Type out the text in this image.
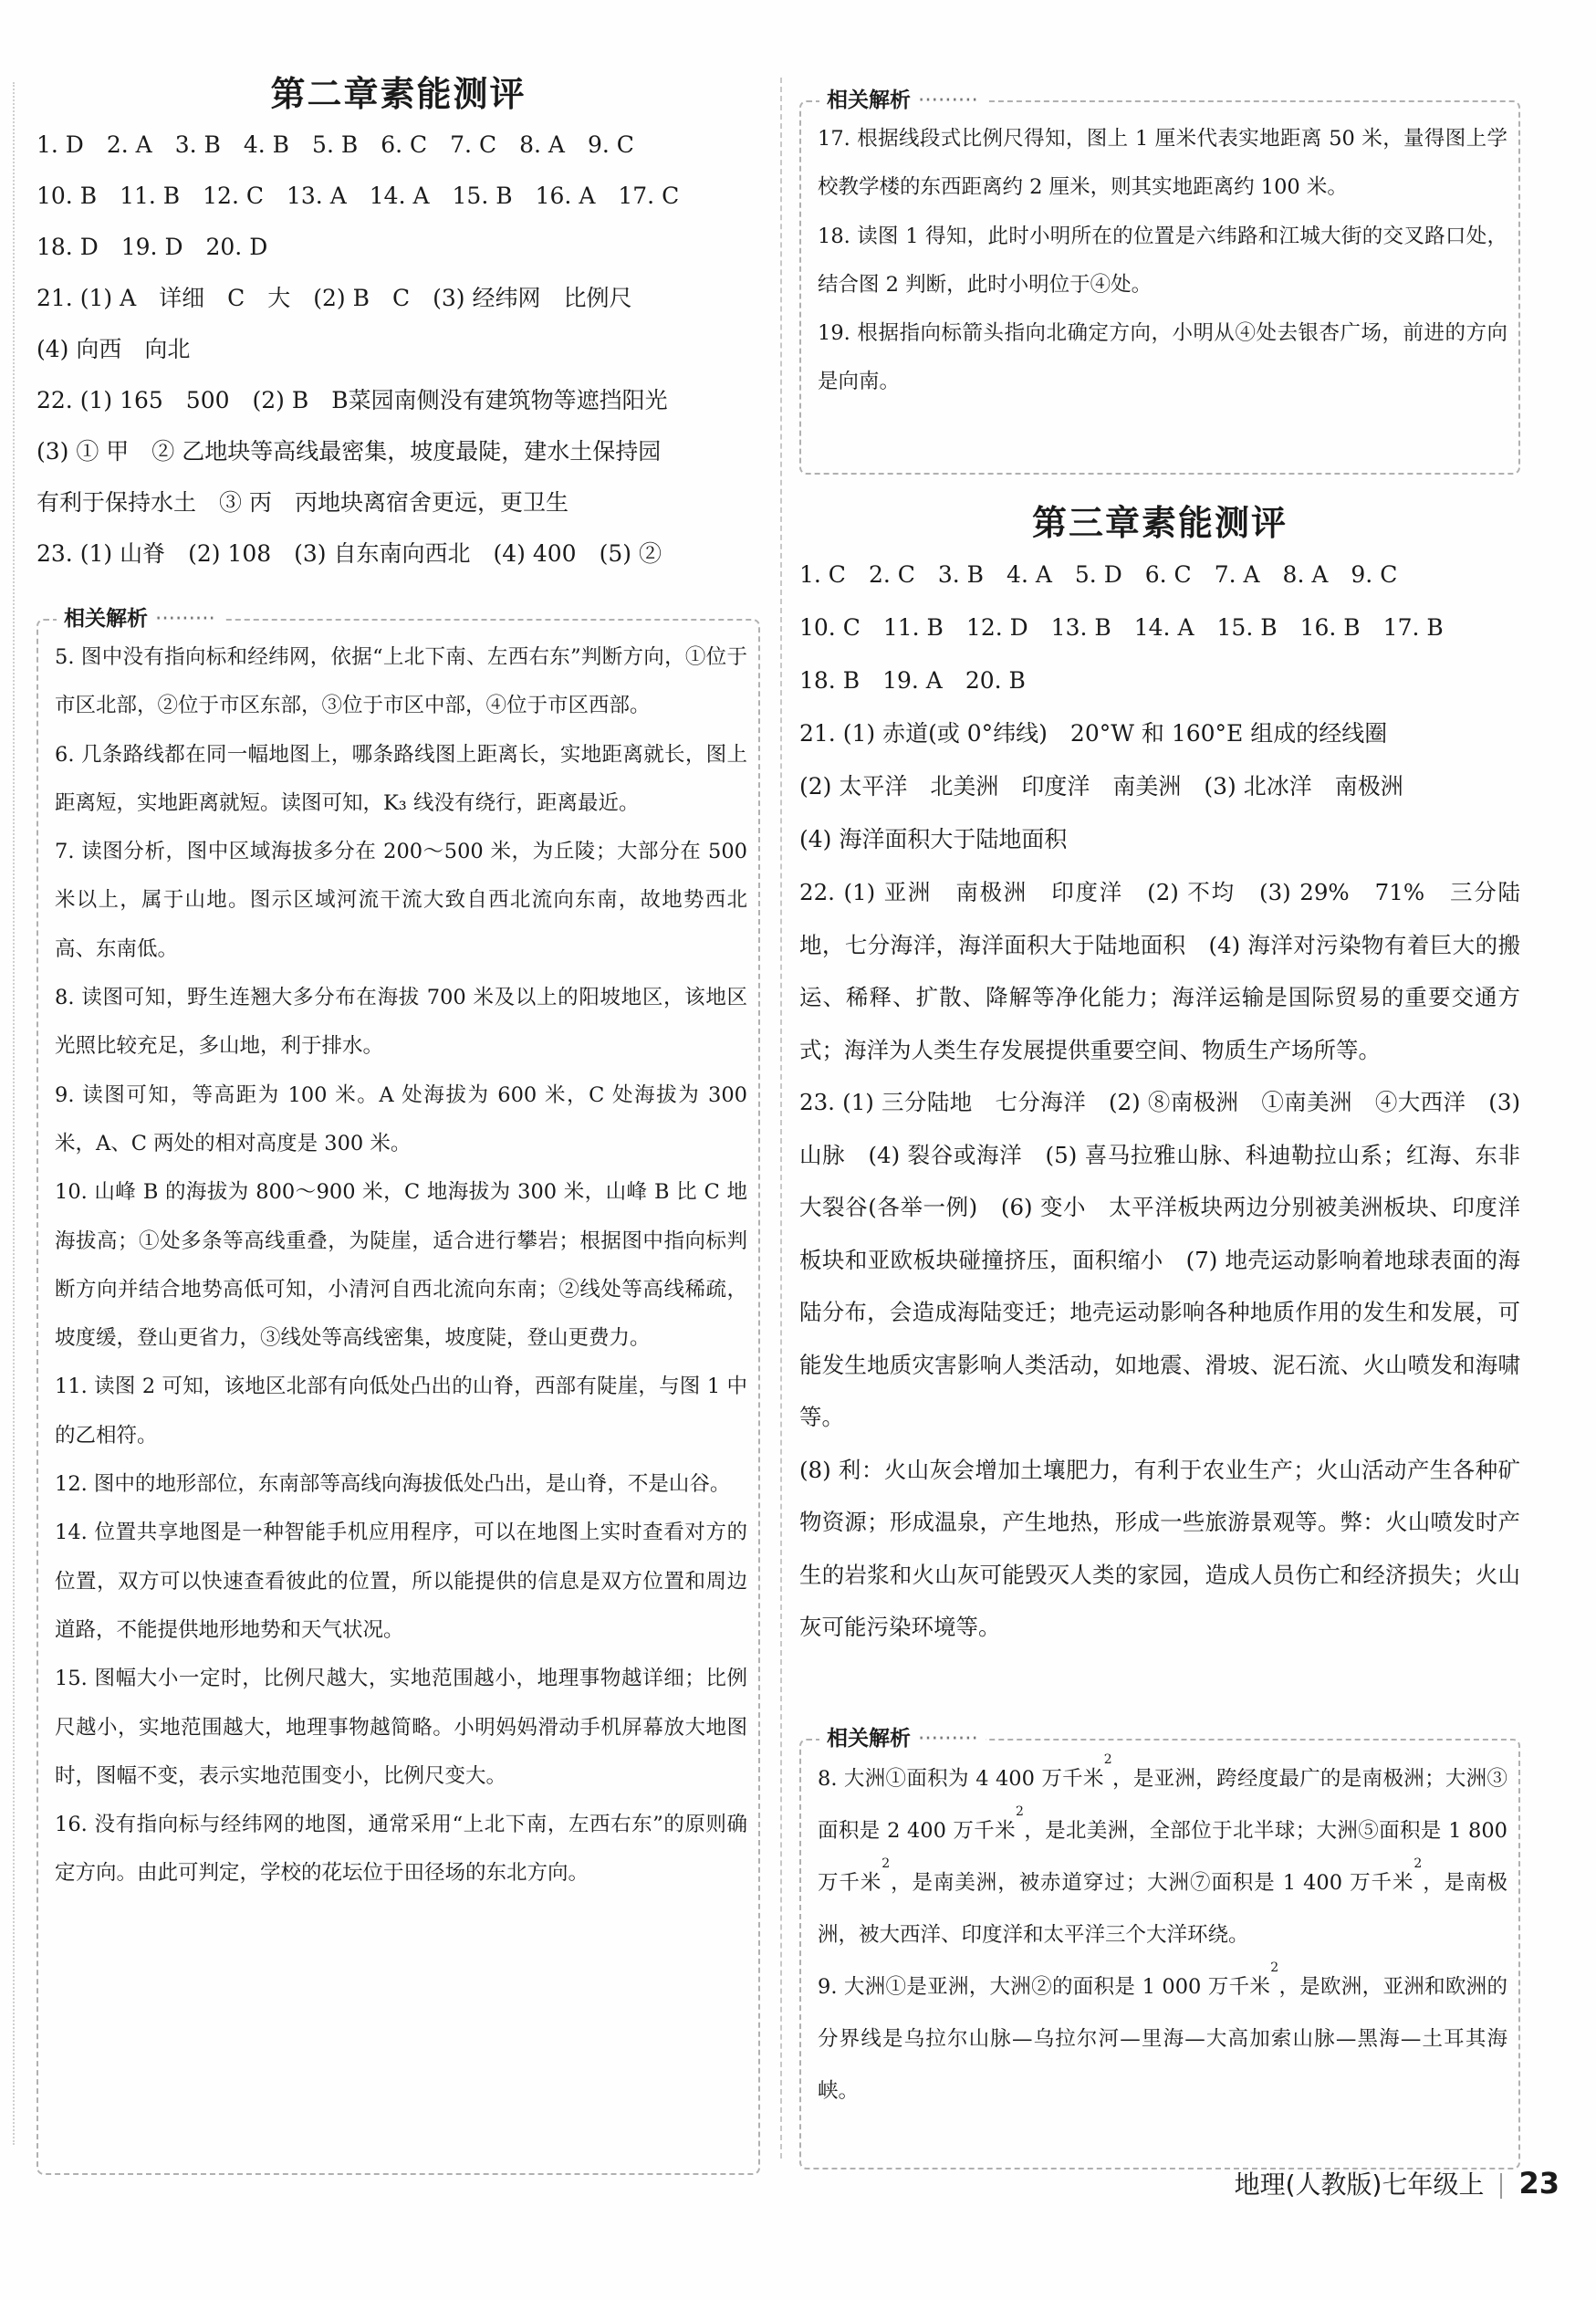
第二章素能测评

1. D 2. A 3. B 4. B 5. B 6. C 7. C 8. A 9. C

10. B 11. B 12. C 13. A 14. A 15. B 16. A 17. C

18. D 19. D 20. D

21. (1) A　详细　C　大　(2) B　C　(3) 经纬网　比例尺

(4) 向西　向北

22. (1) 165　500　(2) B　B菜园南侧没有建筑物等遮挡阳光

(3) ① 甲　② 乙地块等高线最密集，坡度最陡，建水土保持园

有利于保持水土　③ 丙　丙地块离宿舍更远，更卫生

23. (1) 山脊　(2) 108　(3) 自东南向西北　(4) 400　(5) ②

相关解析 ·········

5. 图中没有指向标和经纬网，依据“上北下南、左西右东”判断方向，①位于市区北部，②位于市区东部，③位于市区中部，④位于市区西部。

6. 几条路线都在同一幅地图上，哪条路线图上距离长，实地距离就长，图上距离短，实地距离就短。读图可知，K₃ 线没有绕行，距离最近。

7. 读图分析，图中区域海拔多分在 200～500 米，为丘陵；大部分在 500 米以上，属于山地。图示区域河流干流大致自西北流向东南，故地势西北高、东南低。

8. 读图可知，野生连翘大多分布在海拔 700 米及以上的阳坡地区，该地区光照比较充足，多山地，利于排水。

9. 读图可知，等高距为 100 米。A 处海拔为 600 米，C 处海拔为 300 米，A、C 两处的相对高度是 300 米。

10. 山峰 B 的海拔为 800～900 米，C 地海拔为 300 米，山峰 B 比 C 地海拔高；①处多条等高线重叠，为陡崖，适合进行攀岩；根据图中指向标判断方向并结合地势高低可知，小清河自西北流向东南；②线处等高线稀疏，坡度缓，登山更省力，③线处等高线密集，坡度陡，登山更费力。

11. 读图 2 可知，该地区北部有向低处凸出的山脊，西部有陡崖，与图 1 中的乙相符。

12. 图中的地形部位，东南部等高线向海拔低处凸出，是山脊，不是山谷。

14. 位置共享地图是一种智能手机应用程序，可以在地图上实时查看对方的位置，双方可以快速查看彼此的位置，所以能提供的信息是双方位置和周边道路，不能提供地形地势和天气状况。

15. 图幅大小一定时，比例尺越大，实地范围越小，地理事物越详细；比例尺越小，实地范围越大，地理事物越简略。小明妈妈滑动手机屏幕放大地图时，图幅不变，表示实地范围变小，比例尺变大。

16. 没有指向标与经纬网的地图，通常采用“上北下南，左西右东”的原则确定方向。由此可判定，学校的花坛位于田径场的东北方向。

相关解析 ·········

17. 根据线段式比例尺得知，图上 1 厘米代表实地距离 50 米，量得图上学校教学楼的东西距离约 2 厘米，则其实地距离约 100 米。

18. 读图 1 得知，此时小明所在的位置是六纬路和江城大街的交叉路口处，结合图 2 判断，此时小明位于④处。

19. 根据指向标箭头指向北确定方向，小明从④处去银杏广场，前进的方向是向南。

第三章素能测评

1. C 2. C 3. B 4. A 5. D 6. C 7. A 8. A 9. C

10. C 11. B 12. D 13. B 14. A 15. B 16. B 17. B

18. B 19. A 20. B

21. (1) 赤道(或 0°纬线)　20°W 和 160°E 组成的经线圈

(2) 太平洋　北美洲　印度洋　南美洲　(3) 北冰洋　南极洲

(4) 海洋面积大于陆地面积

22. (1) 亚洲　南极洲　印度洋　(2) 不均　(3) 29%　71%　三分陆地，七分海洋，海洋面积大于陆地面积　(4) 海洋对污染物有着巨大的搬运、稀释、扩散、降解等净化能力；海洋运输是国际贸易的重要交通方式；海洋为人类生存发展提供重要空间、物质生产场所等。

23. (1) 三分陆地　七分海洋　(2) ⑧南极洲　①南美洲　④大西洋　(3) 山脉　(4) 裂谷或海洋　(5) 喜马拉雅山脉、科迪勒拉山系；红海、东非大裂谷(各举一例)　(6) 变小　太平洋板块两边分别被美洲板块、印度洋板块和亚欧板块碰撞挤压，面积缩小　(7) 地壳运动影响着地球表面的海陆分布，会造成海陆变迁；地壳运动影响各种地质作用的发生和发展，可能发生地质灾害影响人类活动，如地震、滑坡、泥石流、火山喷发和海啸等。

(8) 利：火山灰会增加土壤肥力，有利于农业生产；火山活动产生各种矿物资源；形成温泉，产生地热，形成一些旅游景观等。弊：火山喷发时产生的岩浆和火山灰可能毁灭人类的家园，造成人员伤亡和经济损失；火山灰可能污染环境等。

相关解析 ·········

8. 大洲①面积为 4 400 万千米$^2$，是亚洲，跨经度最广的是南极洲；大洲③面积是 2 400 万千米$^2$，是北美洲，全部位于北半球；大洲⑤面积是 1 800 万千米$^2$，是南美洲，被赤道穿过；大洲⑦面积是 1 400 万千米$^2$，是南极洲，被大西洋、印度洋和太平洋三个大洋环绕。

9. 大洲①是亚洲，大洲②的面积是 1 000 万千米$^2$，是欧洲，亚洲和欧洲的分界线是乌拉尔山脉—乌拉尔河—里海—大高加索山脉—黑海—土耳其海峡。

地理(人教版)七年级上 23
